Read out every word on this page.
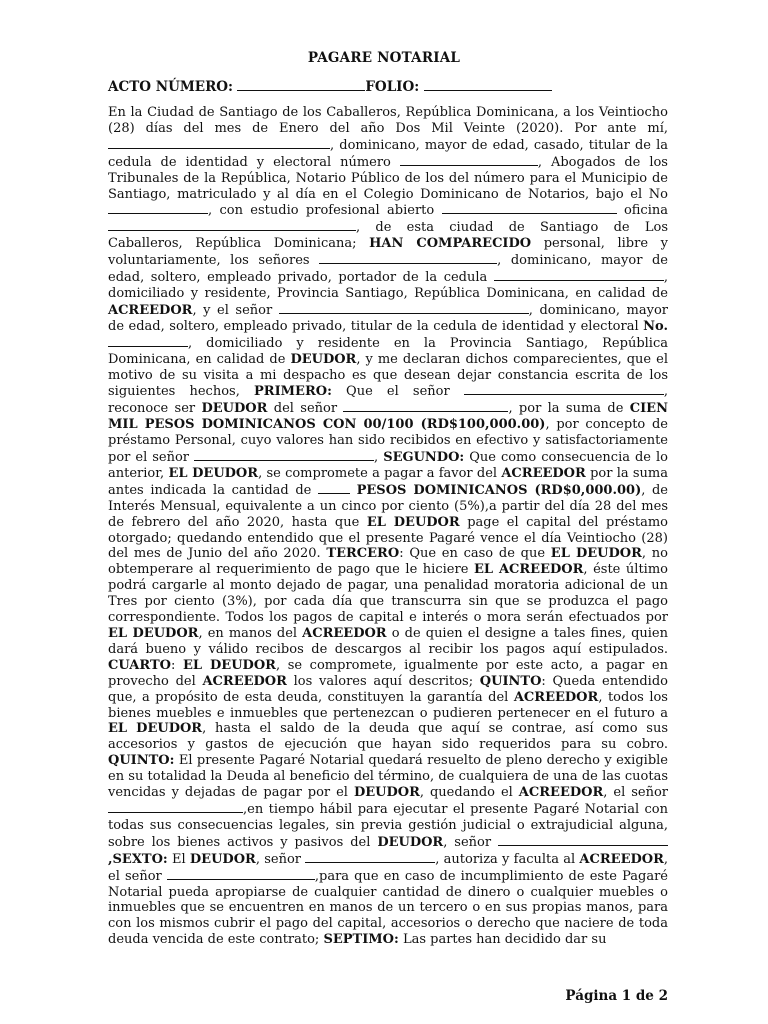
PAGARE NOTARIAL
ACTO NÚMERO:	FOLIO:
En la Ciudad de Santiago de los Caballeros, República Dominicana, a los Veintiocho (28) días del mes de Enero del año Dos Mil Veinte (2020). Por ante mí, , dominicano, mayor de edad, casado, titular de la cedula de identidad y electoral número	, Abogados de los Tribunales de la República, Notario Público de los del número para el Municipio de Santiago, matriculado y al día en el Colegio Dominicano de Notarios, bajo el No , con estudio profesional abierto	oficina, de esta ciudad de Santiago de Los Caballeros, República Dominicana; HAN COMPARECIDO personal, libre y voluntariamente, los señores	, dominicano, mayor de edad, soltero, empleado privado, portador de la cedula	, domiciliado y residente, Provincia Santiago, República Dominicana, en calidad de ACREEDOR, y el señor	, dominicano, mayor de edad, soltero, empleado privado, titular de la cedula de identidad y electoral No., domiciliado y residente en la Provincia Santiago, República Dominicana, en calidad de DEUDOR, y me declaran dichos comparecientes, que el motivo de su visita a mi despacho es que desean dejar constancia escrita de los siguientes hechos, PRIMERO: Que el señor	, reconoce ser DEUDOR del señor	, por la suma de CIEN MIL PESOS DOMINICANOS CON 00/100 (RD$100,000.00), por concepto de préstamo Personal, cuyo valores han sido recibidos en efectivo y satisfactoriamente por el señor	, SEGUNDO: Que como consecuencia de lo anterior, EL DEUDOR, se compromete a pagar a favor del ACREEDOR por la suma antes indicada la cantidad de	PESOS DOMINICANOS (RD$0,000.00), de Interés Mensual, equivalente a un cinco por ciento (5%),a partir del día 28 del mes de febrero del año 2020, hasta que EL DEUDOR page el capital del préstamo otorgado; quedando entendido que el presente Pagaré vence el día Veintiocho (28) del mes de Junio del año 2020. TERCERO: Que en caso de que EL DEUDOR, no obtemperare al requerimiento de pago que le hiciere EL ACREEDOR, éste último podrá cargarle al monto dejado de pagar, una penalidad moratoria adicional de un Tres por ciento (3%), por cada día que transcurra sin que se produzca el pago correspondiente. Todos los pagos de capital e interés o mora serán efectuados por EL DEUDOR, en manos del ACREEDOR o de quien el designe a tales fines, quien dará bueno y válido recibos de descargos al recibir los pagos aquí estipulados. CUARTO: EL DEUDOR, se compromete, igualmente por este acto, a pagar en provecho del ACREEDOR los valores aquí descritos; QUINTO: Queda entendido que, a propósito de esta deuda, constituyen la garantía del ACREEDOR, todos los bienes muebles e inmuebles que pertenezcan o pudieren pertenecer en el futuro a EL DEUDOR, hasta el saldo de la deuda que aquí se contrae, así como sus accesorios y gastos de ejecución que hayan sido requeridos para su cobro. QUINTO: El presente Pagaré Notarial quedará resuelto de pleno derecho y exigible en su totalidad la Deuda al beneficio del término, de cualquiera de una de las cuotas vencidas y dejadas de pagar por el DEUDOR, quedando el ACREEDOR, el señor ,en tiempo hábil para ejecutar el presente Pagaré Notarial con todas sus consecuencias legales, sin previa gestión judicial o extrajudicial alguna, sobre los bienes activos y pasivos del DEUDOR, señor ,SEXTO: El DEUDOR, señor	, autoriza y faculta al ACREEDOR, el señor	,para que en caso de incumplimiento de este Pagaré Notarial pueda apropiarse de cualquier cantidad de dinero o cualquier muebles o inmuebles que se encuentren en manos de un tercero o en sus propias manos, para con los mismos cubrir el pago del capital, accesorios o derecho que naciere de toda deuda vencida de este contrato; SEPTIMO: Las partes han decidido dar su
Página 1 de 2
